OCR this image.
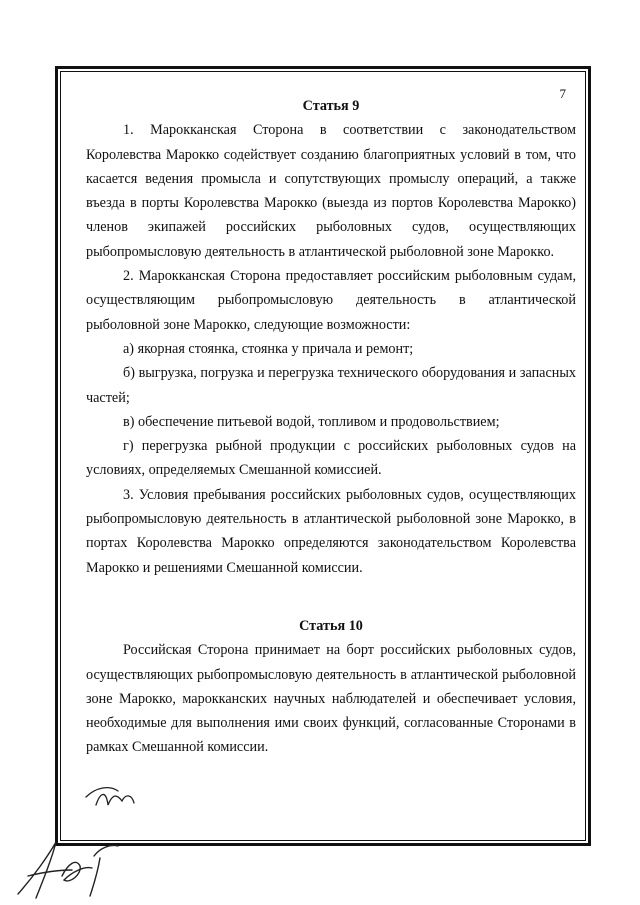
7
Статья 9

1. Марокканская Сторона в соответствии с законодательством Королевства Марокко содействует созданию благоприятных условий в том, что касается ведения промысла и сопутствующих промыслу операций, а также въезда в порты Королевства Марокко (выезда из портов Королевства Марокко) членов экипажей российских рыболовных судов, осуществляющих рыбопромысловую деятельность в атлантической рыболовной зоне Марокко.

2. Марокканская Сторона предоставляет российским рыболовным судам, осуществляющим рыбопромысловую деятельность в атлантической рыболовной зоне Марокко, следующие возможности:

а) якорная стоянка, стоянка у причала и ремонт;

б) выгрузка, погрузка и перегрузка технического оборудования и запасных частей;

в) обеспечение питьевой водой, топливом и продовольствием;

г) перегрузка рыбной продукции с российских рыболовных судов на условиях, определяемых Смешанной комиссией.

3. Условия пребывания российских рыболовных судов, осуществляющих рыбопромысловую деятельность в атлантической рыболовной зоне Марокко, в портах Королевства Марокко определяются законодательством Королевства Марокко и решениями Смешанной комиссии.

Статья 10

Российская Сторона принимает на борт российских рыболовных судов, осуществляющих рыбопромысловую деятельность в атлантической рыболовной зоне Марокко, марокканских научных наблюдателей и обеспечивает условия, необходимые для выполнения ими своих функций, согласованные Сторонами в рамках Смешанной комиссии.
